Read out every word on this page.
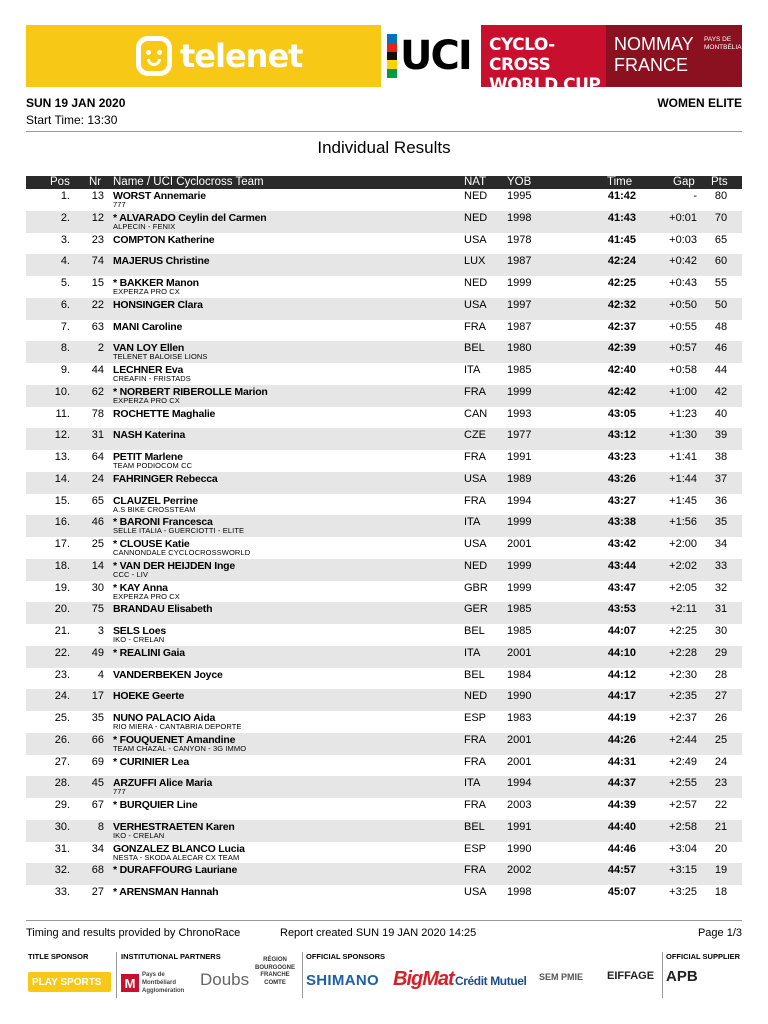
telenet UCI CYCLO-CROSS
WORLD CUP
NOMMAY
FRANCE
PAYS DE
MONTBÉLIARD
SUN 19 JAN 2020	WOMEN ELITE
Start Time: 13:30
Individual Results
Pos Nr Name / UCI Cyclocross Team	NAT YOB	Time	Gap Pts
1.	13 WORST Annemarie	NED 1995	41:42	-	80
777
2.	12 * ALVARADO Ceylin del Carmen	NED 1998	41:43	+0:01	70
ALPECIN - FENIX
3.	23 COMPTON Katherine	USA 1978	41:45	+0:03	65
4.	74 MAJERUS Christine	LUX 1987	42:24	+0:42	60
5.	15 * BAKKER Manon	NED 1999	42:25	+0:43	55
EXPERZA PRO CX
6.	22 HONSINGER Clara	USA 1997	42:32	+0:50	50
7.	63 MANI Caroline	FRA 1987	42:37	+0:55	48
8.	2 VAN LOY Ellen	BEL 1980	42:39	+0:57	46
TELENET BALOISE LIONS
9.	44 LECHNER Eva	ITA 1985	42:40	+0:58	44
CREAFIN - FRISTADS
10.	62 * NORBERT RIBEROLLE Marion	FRA 1999	42:42	+1:00	42
EXPERZA PRO CX
11.	78 ROCHETTE Maghalie	CAN 1993	43:05	+1:23	40
12.	31 NASH Katerina	CZE 1977	43:12	+1:30	39
13.	64 PETIT Marlene	FRA 1991	43:23	+1:41	38
TEAM PODIOCOM CC
14.	24 FAHRINGER Rebecca	USA 1989	43:26	+1:44	37
15.	65 CLAUZEL Perrine	FRA 1994	43:27	+1:45	36
A.S BIKE CROSSTEAM
16.	46 * BARONI Francesca	ITA 1999	43:38	+1:56	35
SELLE ITALIA - GUERCIOTTI - ELITE
17.	25 * CLOUSE Katie	USA 2001	43:42	+2:00	34
CANNONDALE CYCLOCROSSWORLD
18.	14 * VAN DER HEIJDEN Inge	NED 1999	43:44	+2:02	33
CCC - LIV
19.	30 * KAY Anna	GBR 1999	43:47	+2:05	32
EXPERZA PRO CX
20.	75 BRANDAU Elisabeth	GER 1985	43:53	+2:11	31
21.	3 SELS Loes	BEL 1985	44:07	+2:25	30
IKO - CRELAN
22.	49 * REALINI Gaia	ITA 2001	44:10	+2:28	29
23.	4 VANDERBEKEN Joyce	BEL 1984	44:12	+2:30	28
24.	17 HOEKE Geerte	NED 1990	44:17	+2:35	27
25.	35 NUNO PALACIO Aida	ESP 1983	44:19	+2:37	26
RIO MIERA - CANTABRIA DEPORTE
26.	66 * FOUQUENET Amandine	FRA 2001	44:26	+2:44	25
TEAM CHAZAL - CANYON - 3G IMMO
27.	69 * CURINIER Lea	FRA 2001	44:31	+2:49	24
28.	45 ARZUFFI Alice Maria	ITA 1994	44:37	+2:55	23
777
29.	67 * BURQUIER Line	FRA 2003	44:39	+2:57	22
30.	8 VERHESTRAETEN Karen	BEL 1991	44:40	+2:58	21
IKO - CRELAN
31.	34 GONZALEZ BLANCO Lucia	ESP 1990	44:46	+3:04	20
NESTA - SKODA ALECAR CX TEAM
32.	68 * DURAFFOURG Lauriane	FRA 2002	44:57	+3:15	19
33.	27 * ARENSMAN Hannah	USA 1998	45:07	+3:25	18
Timing and results provided by ChronoRace	Report created SUN 19 JAN 2020 14:25	Page 1/3
TITLE SPONSOR	INSTITUTIONAL PARTNERS	OFFICIAL SPONSORS	OFFICIAL SUPPLIER
PLAY SPORTS M
Pays de Montbéliard Agglomération
Doubs
RÉGION BOURGOGNE FRANCHE COMTE	SHIMANO BigMat Crédit Mutuel SEM PMIE EIFFAGE APB
